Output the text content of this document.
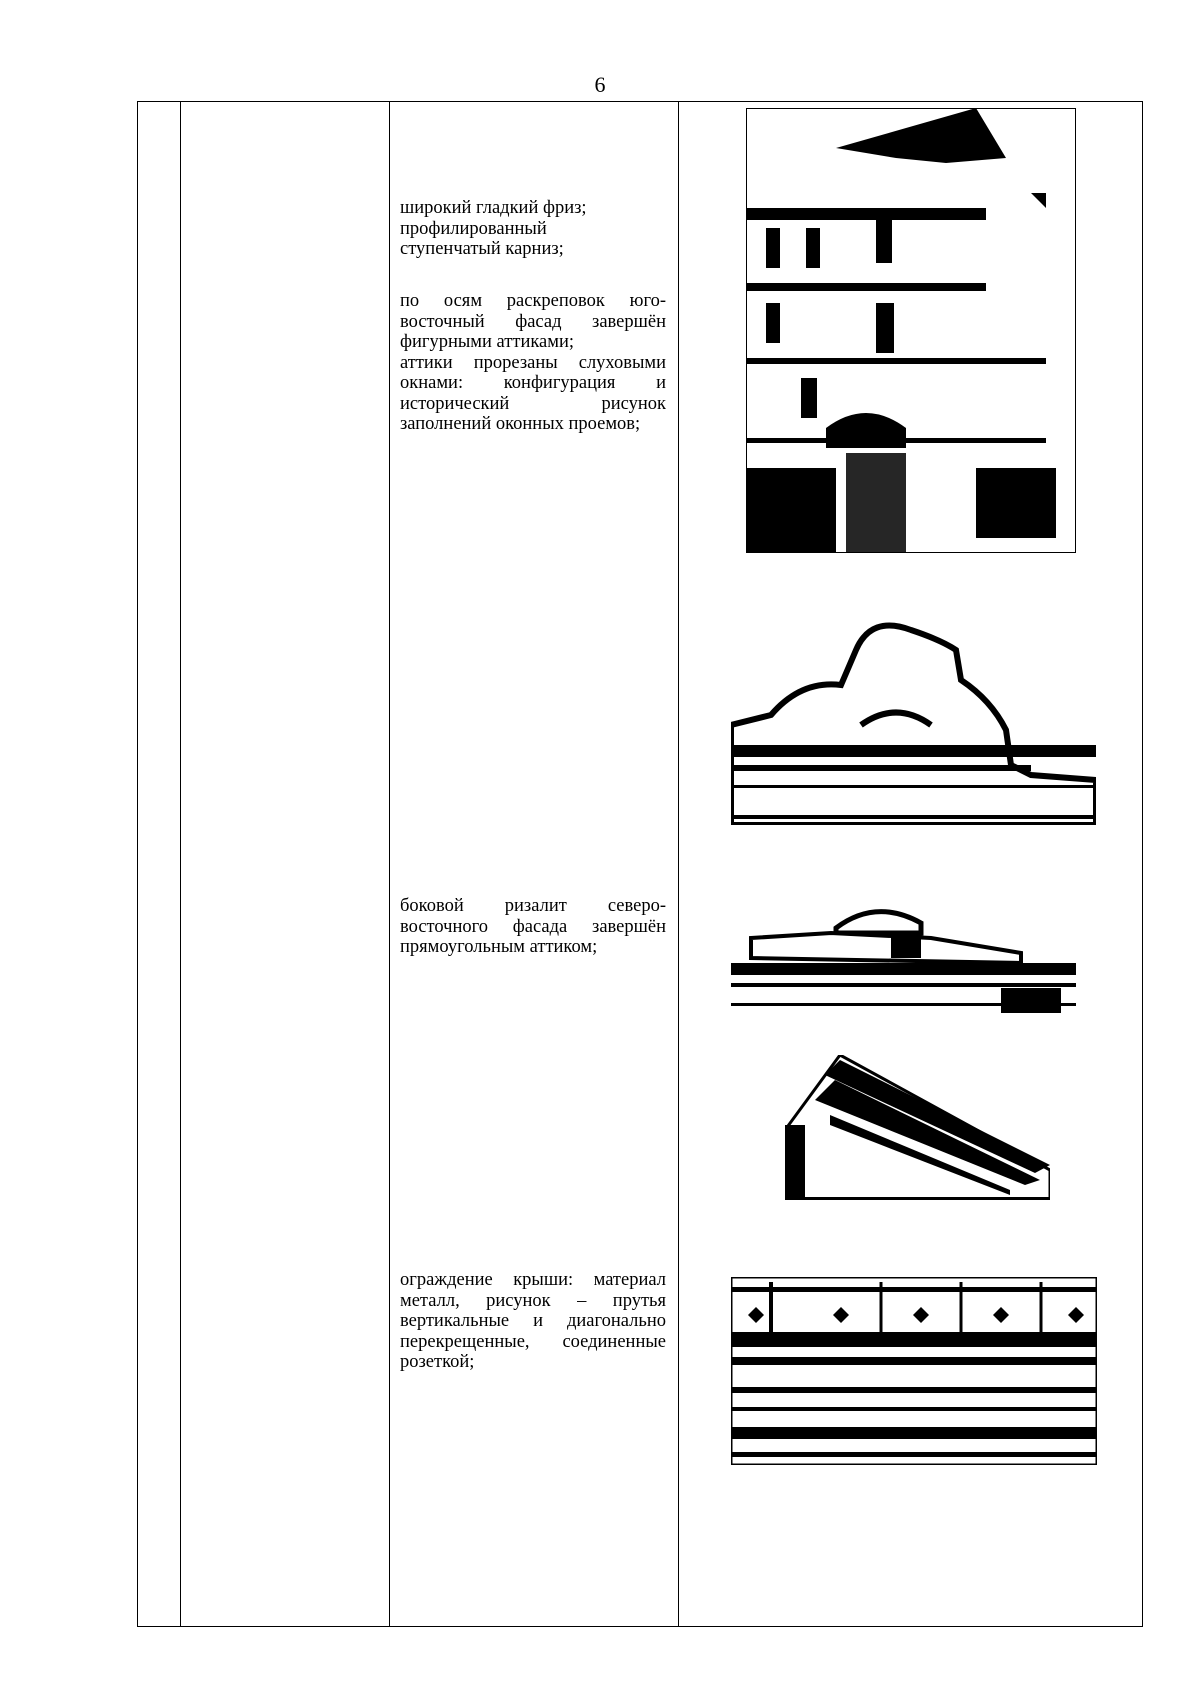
6

широкий гладкий фриз;

профилированный

ступенчатый карниз;

по осям раскреповок юго-восточный фасад завершён фигурными аттиками;

аттики прорезаны слуховыми окнами: конфигурация и исторический рисунок заполнений оконных проемов;

боковой ризалит северо-восточного фасада завершён прямоугольным аттиком;

ограждение крыши: материал металл, рисунок – прутья вертикальные и диагонально перекрещенные, соединенные розеткой;
